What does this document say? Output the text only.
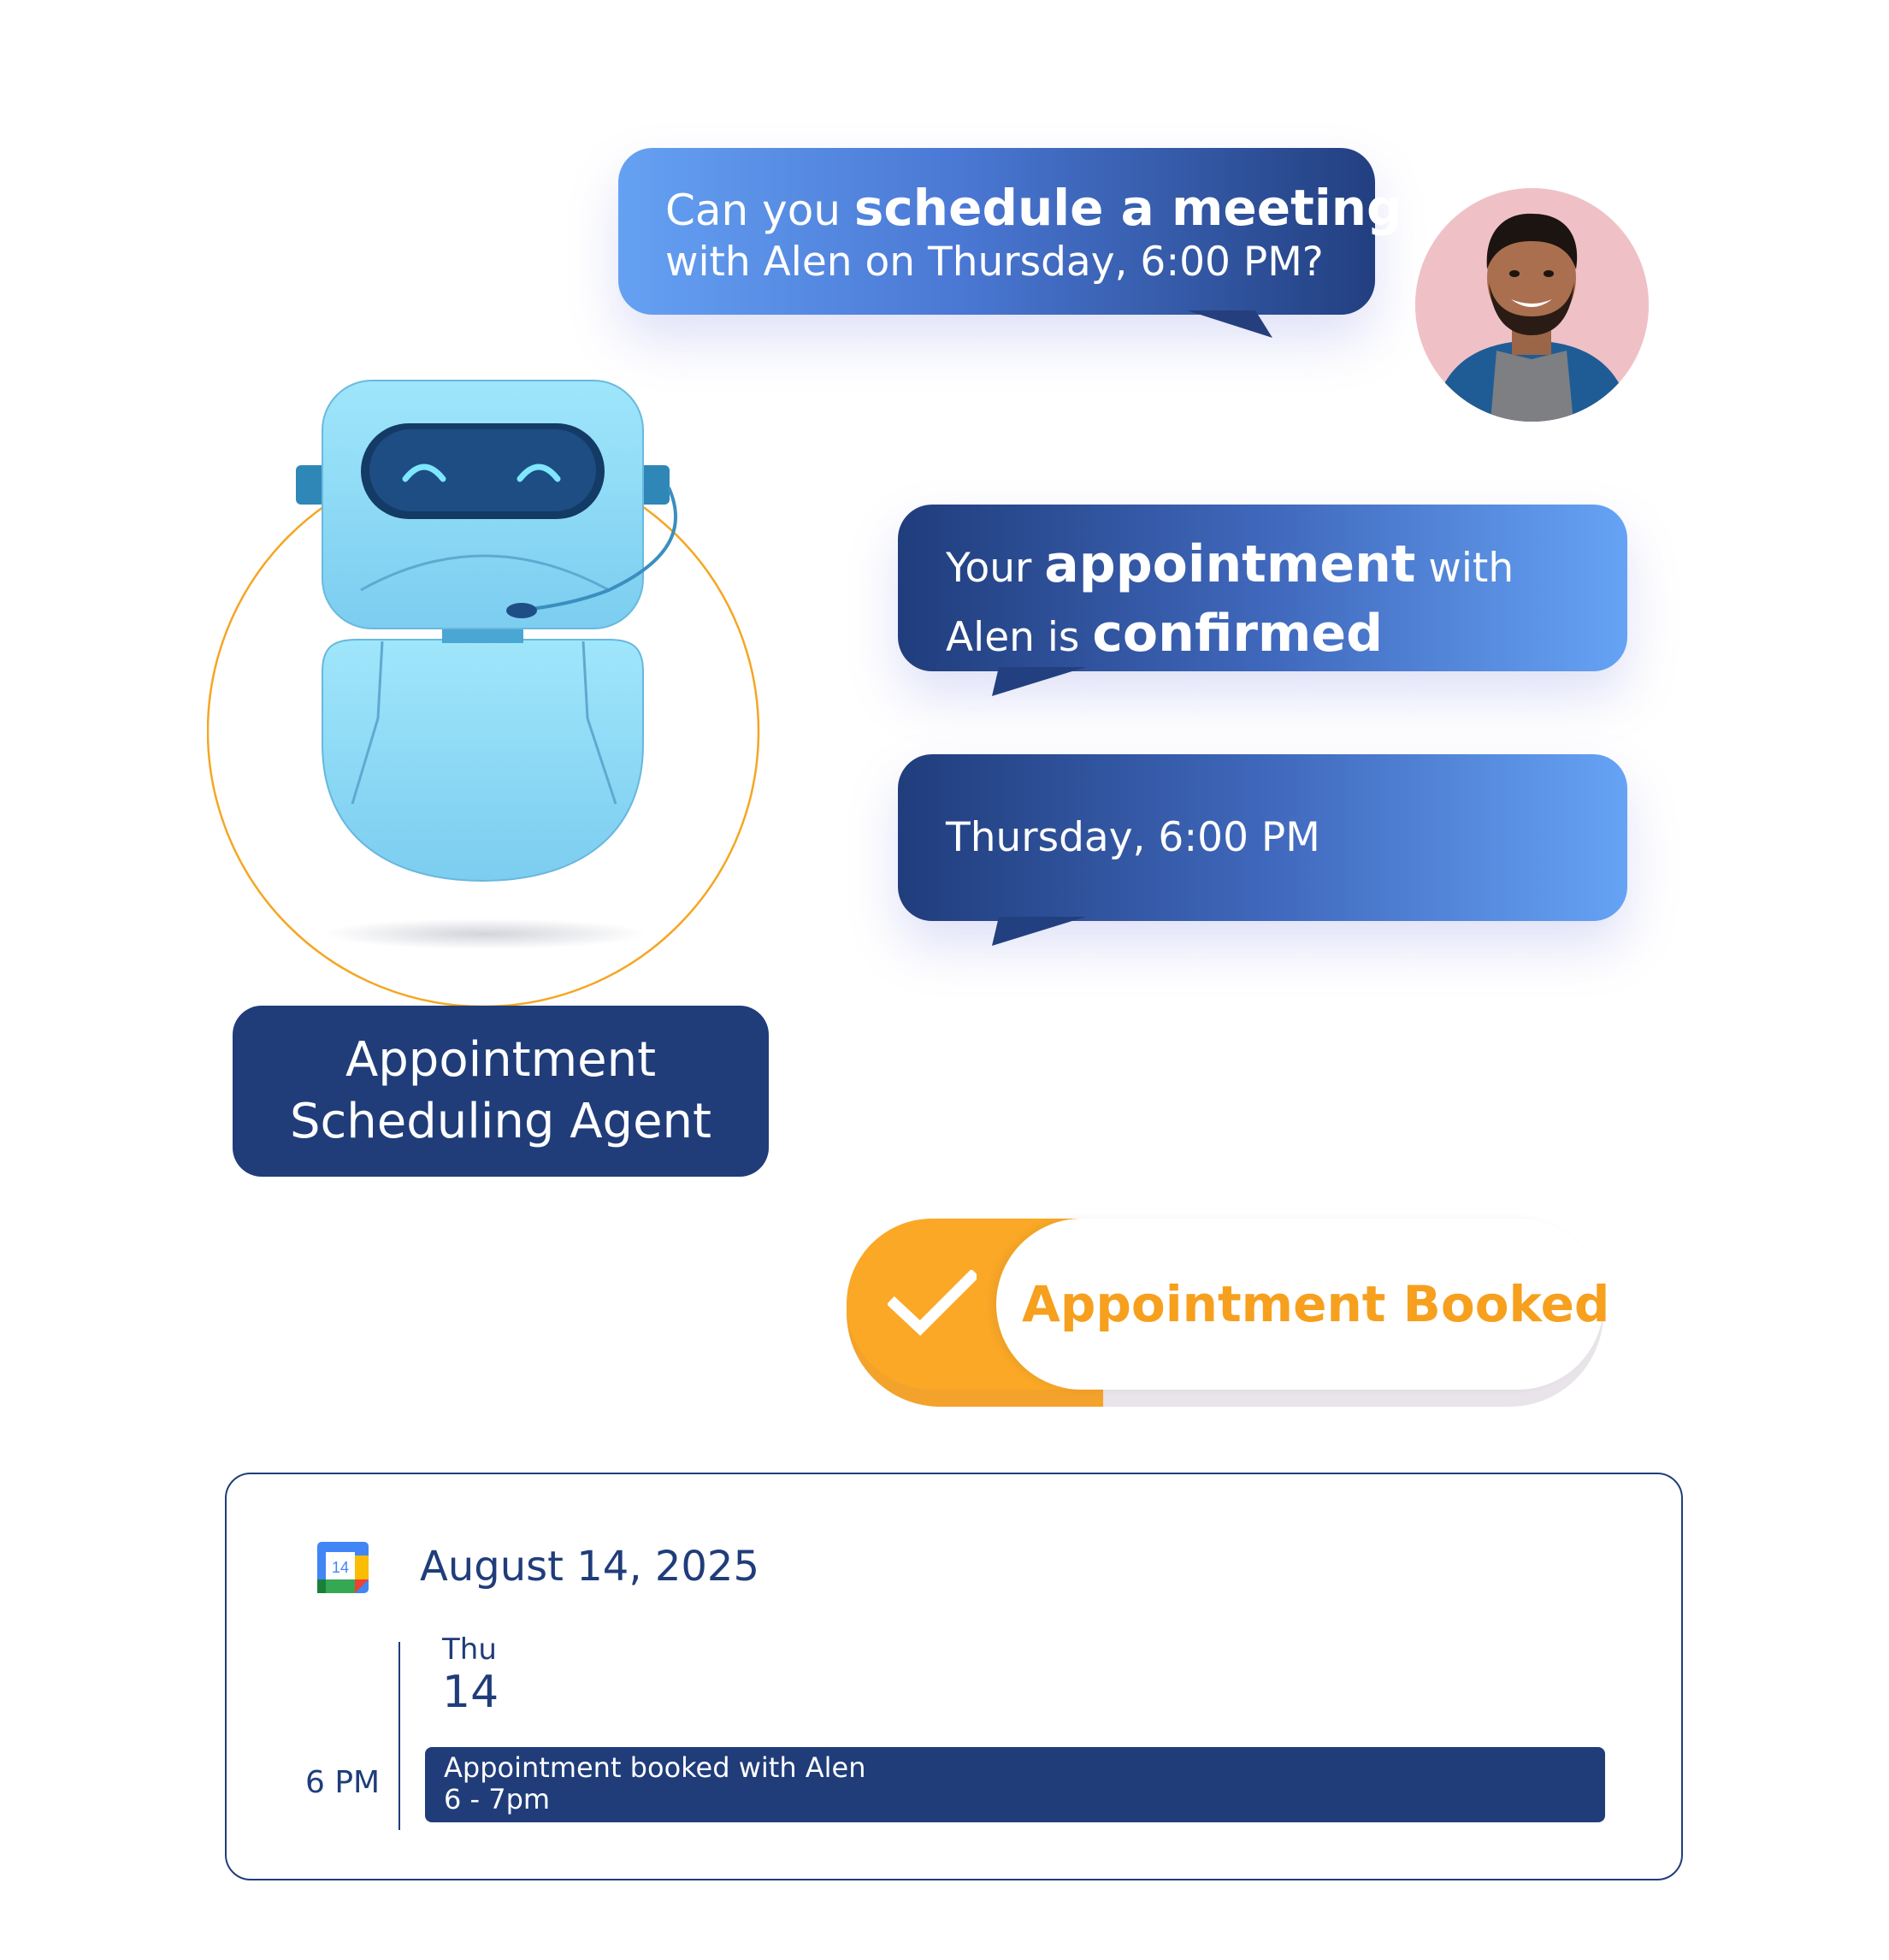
Can you schedule a meeting
with Alen on Thursday, 6:00 PM?
Appointment
Scheduling Agent
Your appointment with
Alen is confirmed
Thursday, 6:00 PM
Appointment Booked
14 August 14, 2025
Thu
14
6 PM Appointment booked with Alen
6 - 7pm
